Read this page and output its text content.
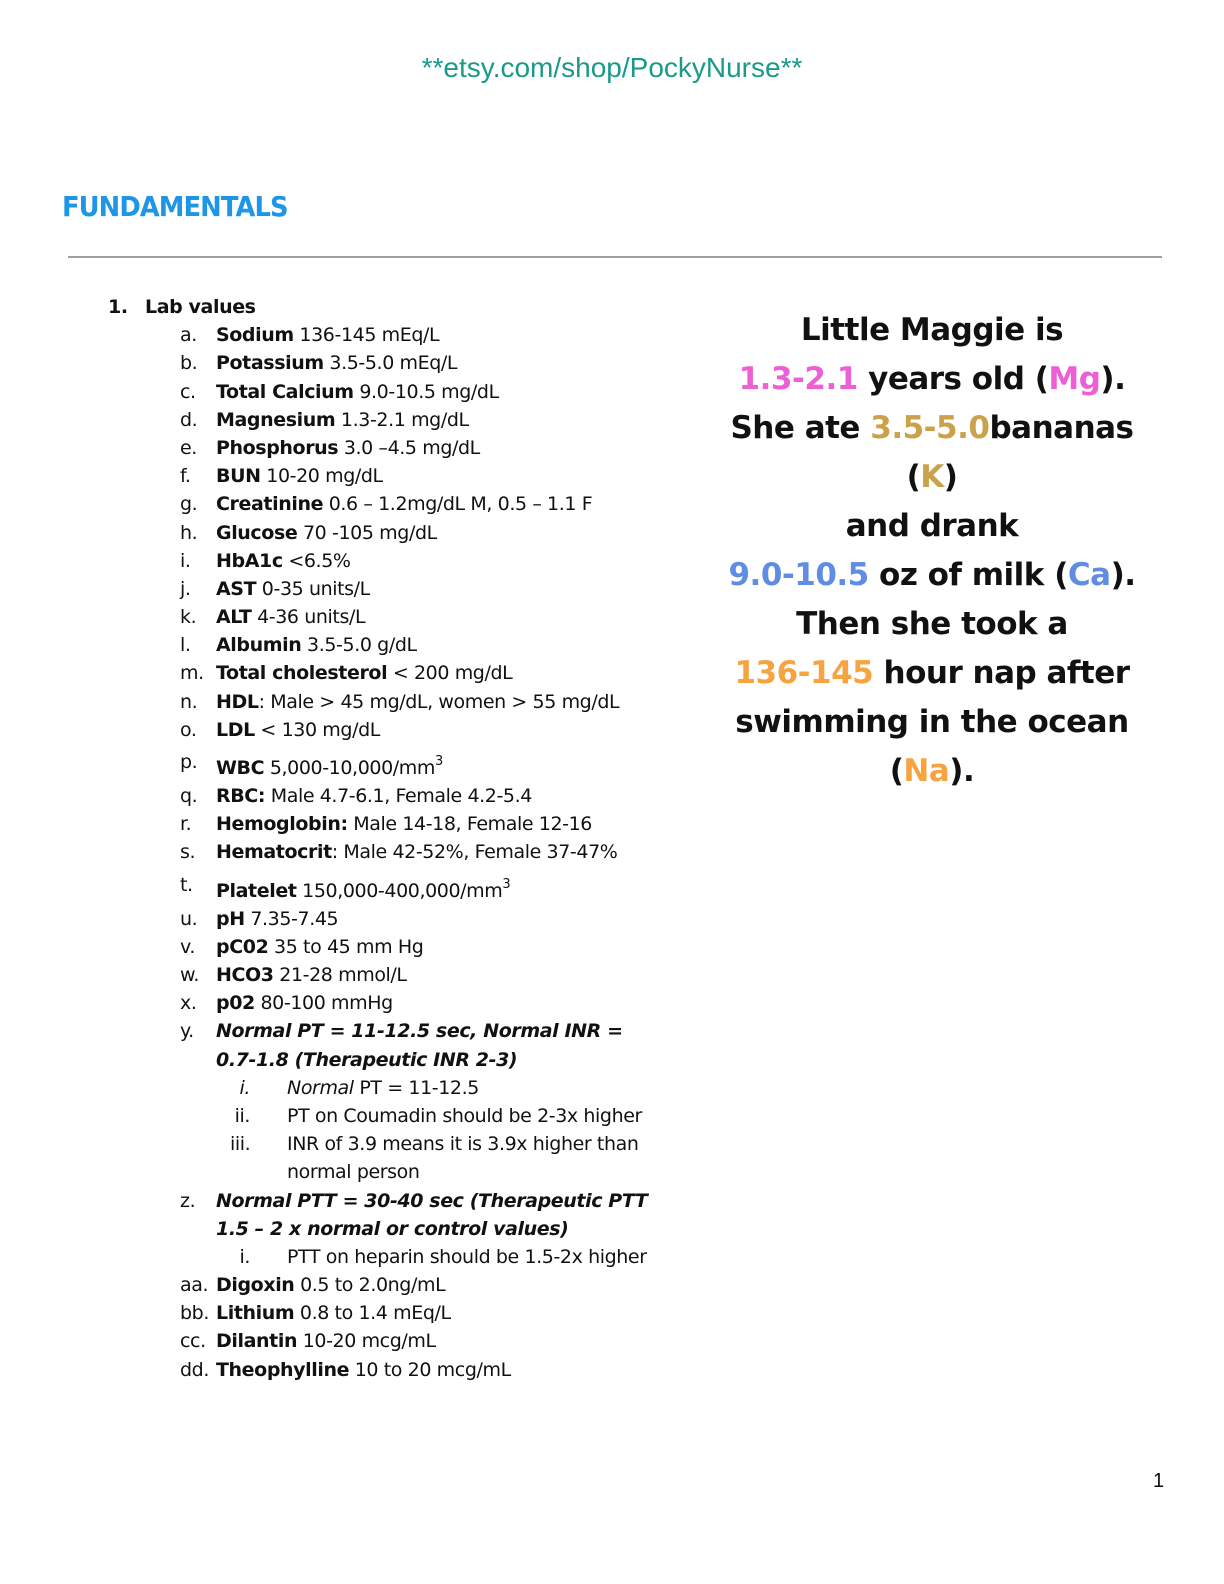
**etsy.com/shop/PockyNurse**
FUNDAMENTALS
1. Lab values
a. Sodium 136-145 mEq/L
b. Potassium 3.5-5.0 mEq/L
c. Total Calcium 9.0-10.5 mg/dL
d. Magnesium 1.3-2.1 mg/dL
e. Phosphorus 3.0 –4.5 mg/dL
f. BUN 10-20 mg/dL
g. Creatinine 0.6 – 1.2mg/dL M, 0.5 – 1.1 F
h. Glucose 70 -105 mg/dL
i. HbA1c <6.5%
j. AST 0-35 units/L
k. ALT 4-36 units/L
l. Albumin 3.5-5.0 g/dL
m. Total cholesterol < 200 mg/dL
n. HDL: Male > 45 mg/dL, women > 55 mg/dL
o. LDL < 130 mg/dL
p. WBC $5,000-10,000/mm^3$
q. RBC: Male 4.7-6.1, Female 4.2-5.4
r. Hemoglobin: Male 14-18, Female 12-16
s. Hematocrit: Male 42-52%, Female 37-47%
t. Platelet $150,000-400,000/mm^3$
u. pH 7.35-7.45
v. pC02 35 to 45 mm Hg
w. HCO3 21-28 mmol/L
x. p02 80-100 mmHg
y. Normal PT = 11-12.5 sec, Normal INR = 0.7-1.8 (Therapeutic INR 2-3)
i. Normal PT = 11-12.5
ii. PT on Coumadin should be 2-3x higher
iii. INR of 3.9 means it is 3.9x higher than normal person
z. Normal PTT = 30-40 sec (Therapeutic PTT 1.5 – 2 x normal or control values)
i. PTT on heparin should be 1.5-2x higher
aa. Digoxin 0.5 to 2.0ng/mL
bb. Lithium 0.8 to 1.4 mEq/L
cc. Dilantin 10-20 mcg/mL
dd. Theophylline 10 to 20 mcg/mL
Little Maggie is
1.3-2.1 years old (Mg).
She ate 3.5-5.0bananas (K)
and drank
9.0-10.5 oz of milk (Ca).
Then she took a
136-145 hour nap after
swimming in the ocean (Na).
1
